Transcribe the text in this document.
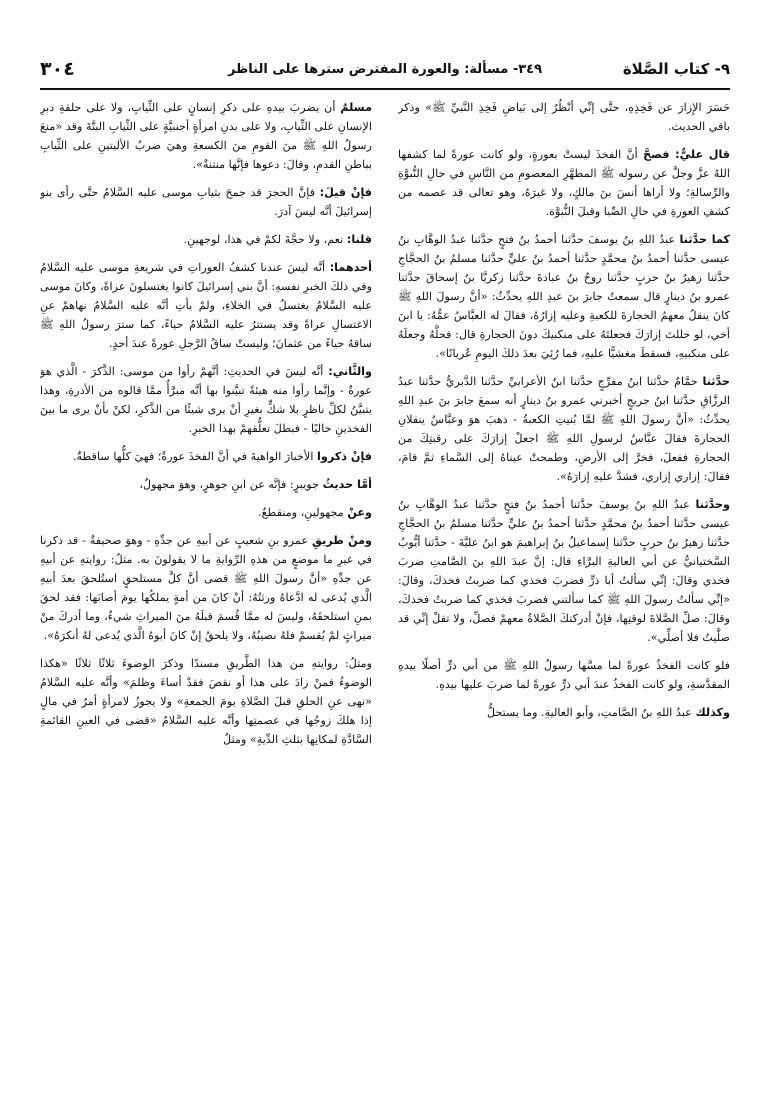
٩- كتاب الصَّلاة
٣٤٩- مسألة: والعورة المفترض سترها على الناظر
٣٠٤

حَسَرَ الإِزارَ عن فَخِذِهِ، حتَّى إنِّي أنْظُرُ إلى بَياضِ فَخِذِ النَّبيِّ ﷺ» وذكر باقي الحديث.

قال عليٌّ: فصحَّ أنَّ الفخذَ ليستْ بعورةٍ، ولو كانت عورةً لما كشفها اللهُ عزَّ وجلَّ عن رسوله ﷺ المطهَّرِ المعصومِ من النَّاسِ في حالِ النُّبوَّةِ والرِّسالةِ؛ ولا أراها أنسَ بنَ مالكٍ، ولا غيرَهُ، وهو تعالى قد عصمه من كشفِ العورةِ في حالِ الصِّبا وقبلَ النُّبوَّة.

كما حدَّثنا عبدُ اللهِ بنُ يوسفَ حدَّثنا أحمدُ بنُ فتحٍ حدَّثنا عبدُ الوهَّابِ بنُ عيسى حدَّثنا أحمدُ بنُ محمَّدٍ حدَّثنا أحمدُ بنُ عليٍّ حدَّثنا مسلمُ بنُ الحجَّاجِ حدَّثنا زهيرُ بنُ حربٍ حدَّثنا روحُ بنُ عبادةَ حدَّثنا زكريَّا بنُ إسحاقَ حدَّثنا عمرو بنُ دينارٍ قال سمعتُ جابرَ بنَ عبدِ اللهِ يحدِّثُ: «أنَّ رسولَ اللهِ ﷺ كانَ ينقلُ معهمُ الحجارةَ للكعبةِ وعليه إزارُهُ، فقالَ له العبَّاسُ عمُّهُ: يا ابنَ أخي، لو حللتَ إزارَكَ فجعلتَهُ على منكبيكَ دونَ الحجارةِ قال: فحلَّهُ وجعلَهُ على منكبيهِ، فسقطَ مغشيًّا عليهِ، فما رُئِيَ بعدَ ذلكَ اليومِ عُريانًا».

حدَّثنا حمَّامٌ حدَّثنا ابنُ مفرِّجٍ حدَّثنا ابنُ الأعرابيِّ حدَّثنا الدَّبريُّ حدَّثنا عبدُ الرزَّاقِ حدَّثنا ابنُ جريجٍ أخبرني عمرو بنُ دينارٍ أنه سمعَ جابرَ بنَ عبدِ اللهِ يحدِّثُ: «أنَّ رسولَ اللهِ ﷺ لمَّا بُنيتِ الكعبةُ - ذهبَ هوَ وعبَّاسٌ ينقلانِ الحجارةَ فقالَ عبَّاسٌ لرسولِ اللهِ ﷺ اجعلْ إزارَكَ على رقبتِكَ من الحجارةِ ففعلَ، فخرَّ إلى الأرضِ، وطمحتْ عيناهُ إلى السَّماءِ ثمَّ قامَ، فقالَ: إزاري إزاري، فشدَّ عليهِ إزارَهُ».

وحدَّثنا عبدُ اللهِ بنُ يوسفَ حدَّثنا أحمدُ بنُ فتحٍ حدَّثنا عبدُ الوهَّابِ بنُ عيسى حدَّثنا أحمدُ بنُ محمَّدٍ حدَّثنا أحمدُ بنُ عليٍّ حدَّثنا مسلمُ بنُ الحجَّاجِ حدَّثنا زهيرُ بنُ حربٍ حدَّثنا إسماعيلُ بنُ إبراهيمَ هو ابنُ عليَّةَ - حدَّثنا أيُّوبُ السَّختيانيُّ عن أبي العاليةِ البرَّاءِ قال: إنَّ عبدَ اللهِ بنَ الصَّامتِ ضربَ فخذي وقالَ: إنِّي سألتُ أبا ذرٍّ فضربَ فخذي كما ضربتُ فخذكَ، وقالَ: «إنِّي سألتُ رسولَ اللهِ ﷺ كما سألتني فضربَ فخذي كما ضربتُ فخذكَ، وقالَ: صلِّ الصَّلاةَ لوقتِها، فإنْ أدركتكَ الصَّلاةُ معهمْ فصلِّ، ولا تقلْ إنِّي قد صلَّيتُ فلا أصلِّي».

فلو كانت الفخذُ عورةً لما مسَّها رسولُ اللهِ ﷺ من أبي ذرٍّ أصلًا بيدهِ المقدَّسةِ، ولو كانت الفخذُ عندَ أبي ذرٍّ عورةً لما ضربَ عليها بيدهِ.

وكذلك عبدُ اللهِ بنُ الصَّامتِ، وأبو العاليةِ. وما يستحلُّ

مسلمٌ أن يضربَ بيدهِ على ذكرِ إنسانٍ على الثِّيابِ، ولا على حلقةِ دبرِ الإنسانِ على الثِّيابِ، ولا على بدنِ امرأةٍ أجنبيَّةٍ على الثِّيابِ البتَّةَ وقد «منعَ رسولُ اللهِ ﷺ منَ القومِ منَ الكسعةِ وهيَ ضربُ الأليتينِ على الثِّيابِ بباطنِ القدمِ، وقالَ: دعوها فإنَّها منتنةٌ».

فإنْ قيلَ: فإنَّ الحجرَ قد جمحَ بثيابِ موسى عليه السَّلامُ حتَّى رأى بنو إسرائيلَ أنَّه ليسَ آدرَ.

قلنا: نعم، ولا حجَّةَ لكمْ في هذا، لوجهينِ.

أحدهما: أنَّه ليسَ عندنا كشفُ العوراتِ في شريعةِ موسى عليه السَّلامُ وفي ذلكَ الخبرِ نفسهِ: أنَّ بني إسرائيلَ كانوا يغتسلونَ عراةً، وكانَ موسى عليه السَّلامُ يغتسلُ في الخلاءِ، ولمْ يأتِ أنَّه عليه السَّلامُ نهاهمْ عنِ الاغتسالِ عراةً وقد يستترُ عليه السَّلامُ حياءً، كما سترَ رسولُ اللهِ ﷺ ساقهُ حياءً من عثمانَ؛ وليستْ ساقُ الرَّجلِ عورةً عندَ أحدٍ.

والثَّاني: أنَّه ليسَ في الحديثِ: أنَّهمْ رأوا من موسى: الذَّكرَ - الَّذي هوَ عورةٌ - وإنَّما رأوا منه هيئةً تبيَّنوا بها أنَّه مبرَّأٌ ممَّا قالوه من الأدرةِ، وهذا يتبيَّنُ لكلِّ ناظرٍ بلا شكٍّ بغيرِ أنْ يرى شيئًا من الذَّكرِ، لكنْ بأنْ يرى ما بينَ الفخذينِ خاليًا - فبطلَ تعلُّقهمْ بهذا الخبرِ.

فإنْ ذكروا الأخبارَ الواهيةَ في أنَّ الفخذَ عورةٌ؛ فهيَ كلُّها ساقطةٌ.

أمَّا حديثُ جويبرٍ: فإنَّه عن ابنِ جوهرٍ، وهوَ مجهولٌ،

وعنْ مجهولينِ، ومنقطعٌ.

ومنْ طريقِ عمرو بنِ شعيبٍ عن أبيهِ عن جدِّهِ - وهوَ صحيفةٌ - قد ذكرنا في غيرِ ما موضعٍ من هذهِ الرِّوايةِ ما لا يقولونَ به. مثلُ: روايتهِ عن أبيهِ عن جدِّهِ «أنَّ رسولَ اللهِ ﷺ قضى أنَّ كلَّ مستلحقٍ استُلحقَ بعدَ أبيهِ الَّذي يُدعى له ادَّعاهُ ورثتُهُ: أنْ كانَ من أمةٍ يملكُها يومَ أصابَها: فقد لحقَ بمنِ استلحقَهُ، وليسَ له ممَّا قُسمَ قبلَهُ منَ الميراثِ شيءٌ، وما أدركَ منْ ميراثٍ لمْ يُقسمْ فلهُ نصيبُهُ، ولا يلحقُ إنْ كانَ أبوهُ الَّذي يُدعى لهُ أنكرَهُ».

ومثلُ: روايتهِ من هذا الطَّريقِ مسندًا وذكرَ الوضوءَ ثلاثًا ثلاثًا «هكذا الوضوءُ فمنْ زادَ على هذا أو نقصَ فقدْ أساءَ وظلمَ» وأنَّه عليه السَّلامُ «نهى عنِ الحلقِ قبلَ الصَّلاةِ يومَ الجمعةِ» ولا يجوزُ لامرأةٍ أمرٌ في مالٍ إذا هلكَ زوجُها في عصمتِها وأنَّه عليه السَّلامُ «قضى في العينِ القائمةِ السَّادَّةِ لمكانِها بثلثِ الدِّيةِ» ومثلُ
